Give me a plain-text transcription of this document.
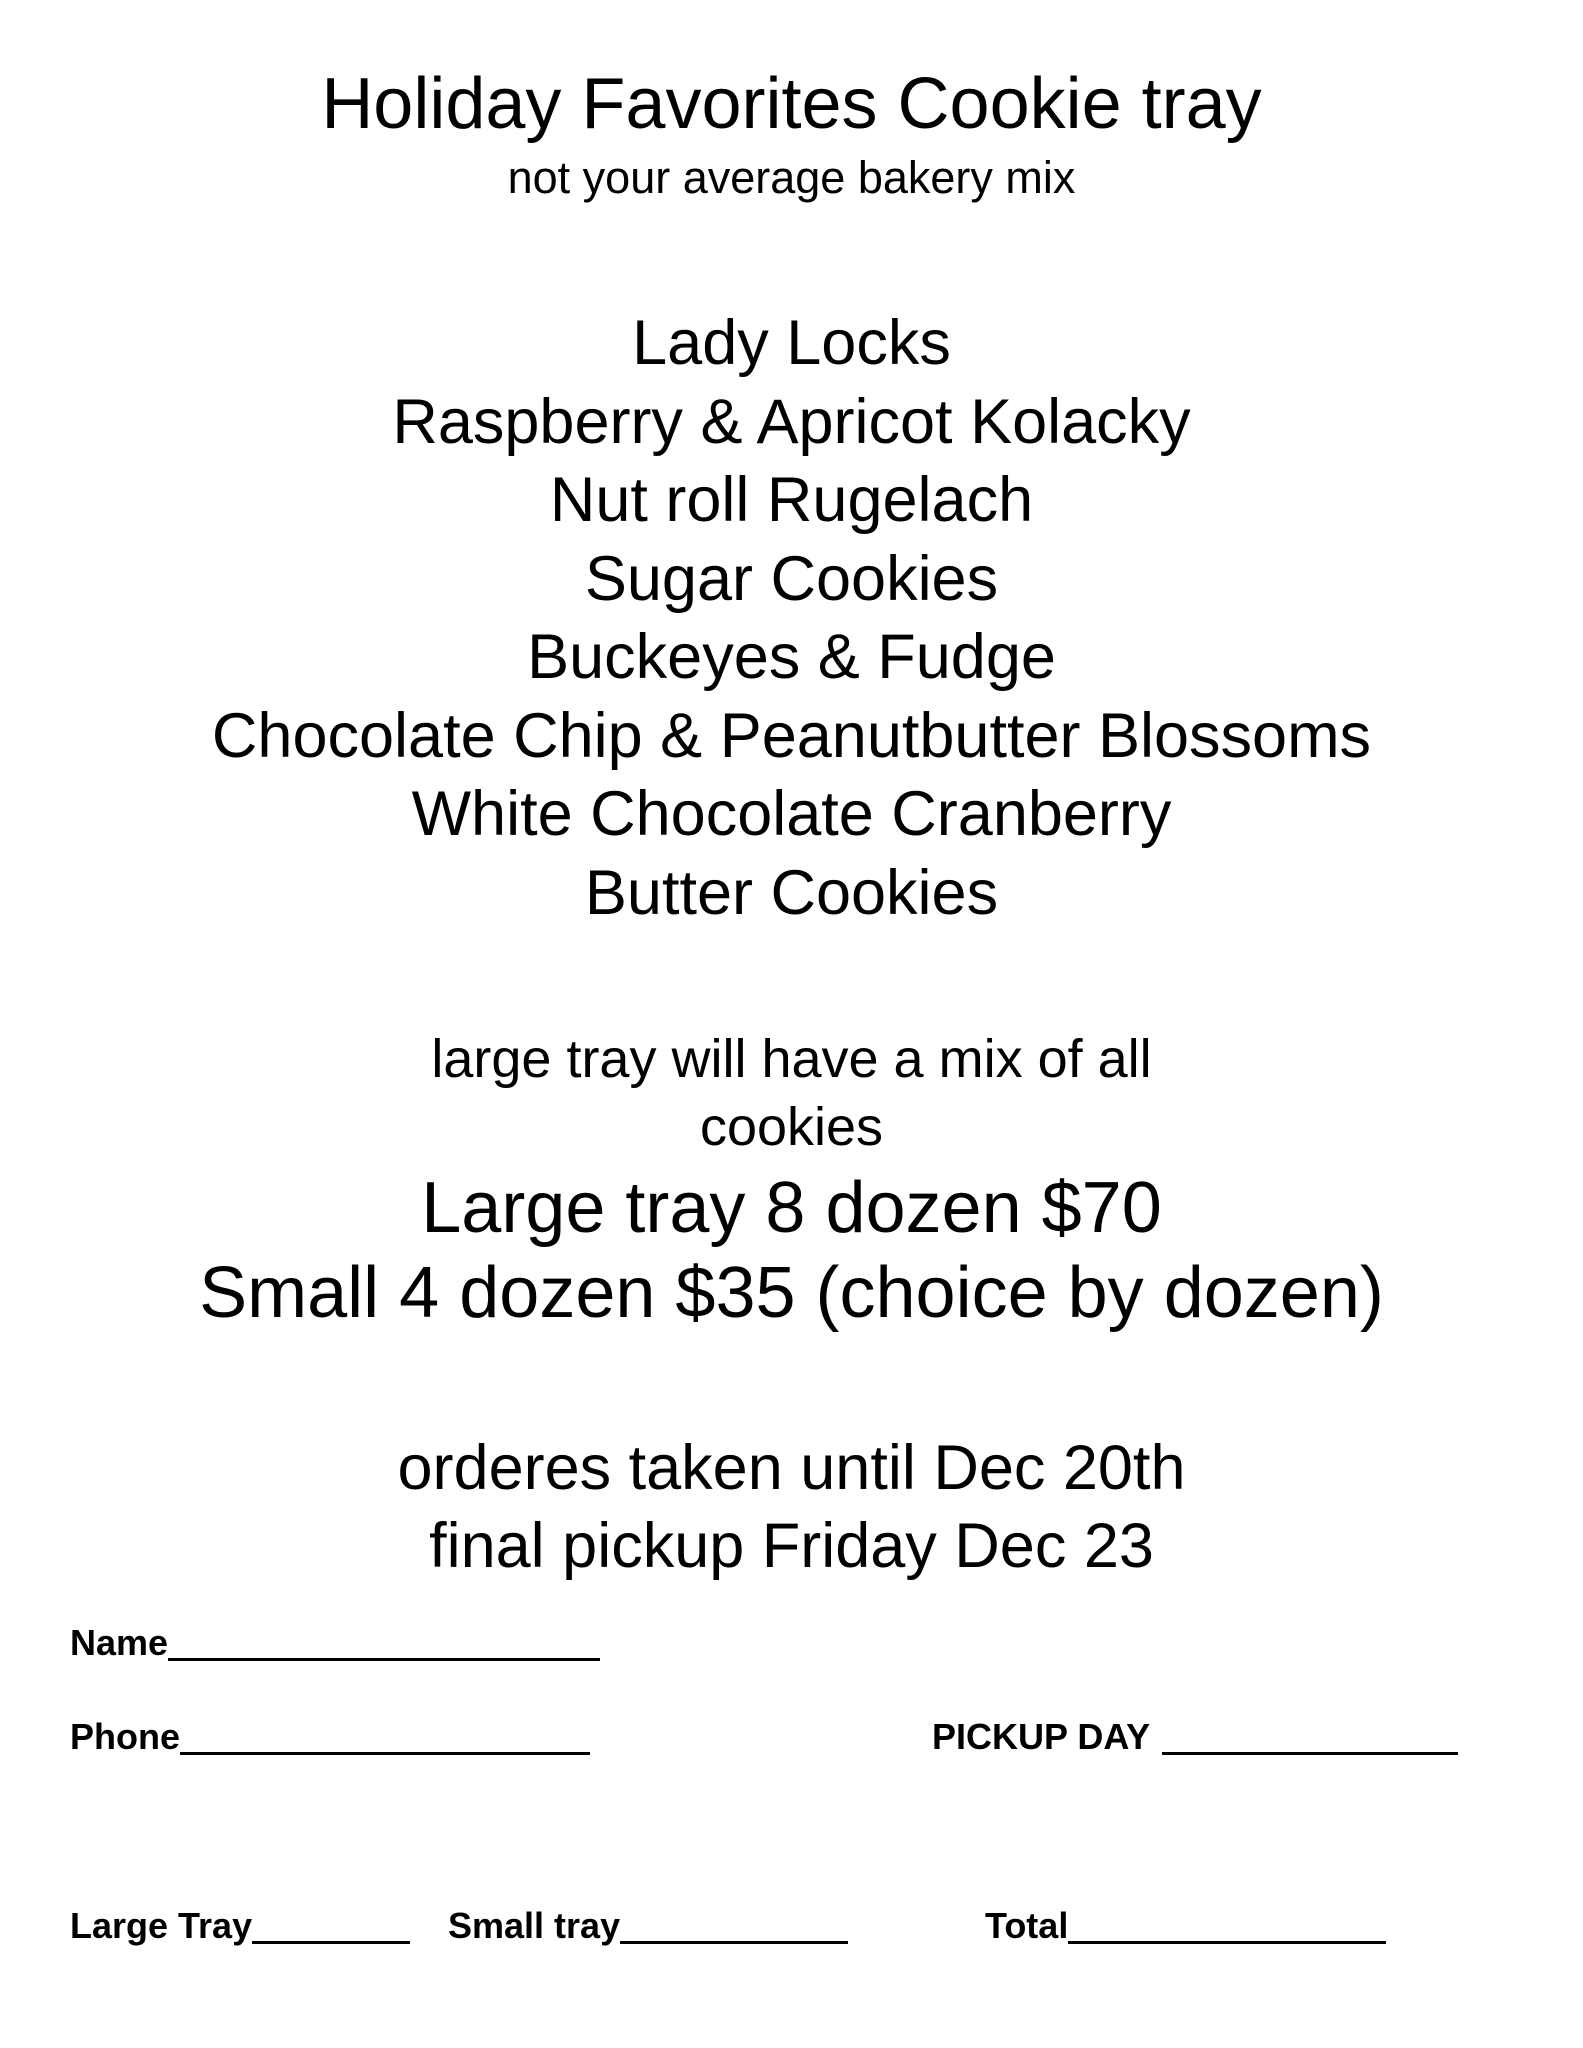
Holiday Favorites Cookie tray
not your average bakery mix
Lady Locks
Raspberry & Apricot Kolacky
Nut roll Rugelach
Sugar Cookies
Buckeyes & Fudge
Chocolate Chip & Peanutbutter Blossoms
White Chocolate Cranberry
Butter Cookies
large tray will have a mix of all
cookies
Large tray 8 dozen $70
Small 4 dozen $35 (choice by dozen)
orderes taken until Dec 20th
final pickup Friday Dec 23
Name
Phone	PICKUP DAY
Large Tray	Small tray	Total
